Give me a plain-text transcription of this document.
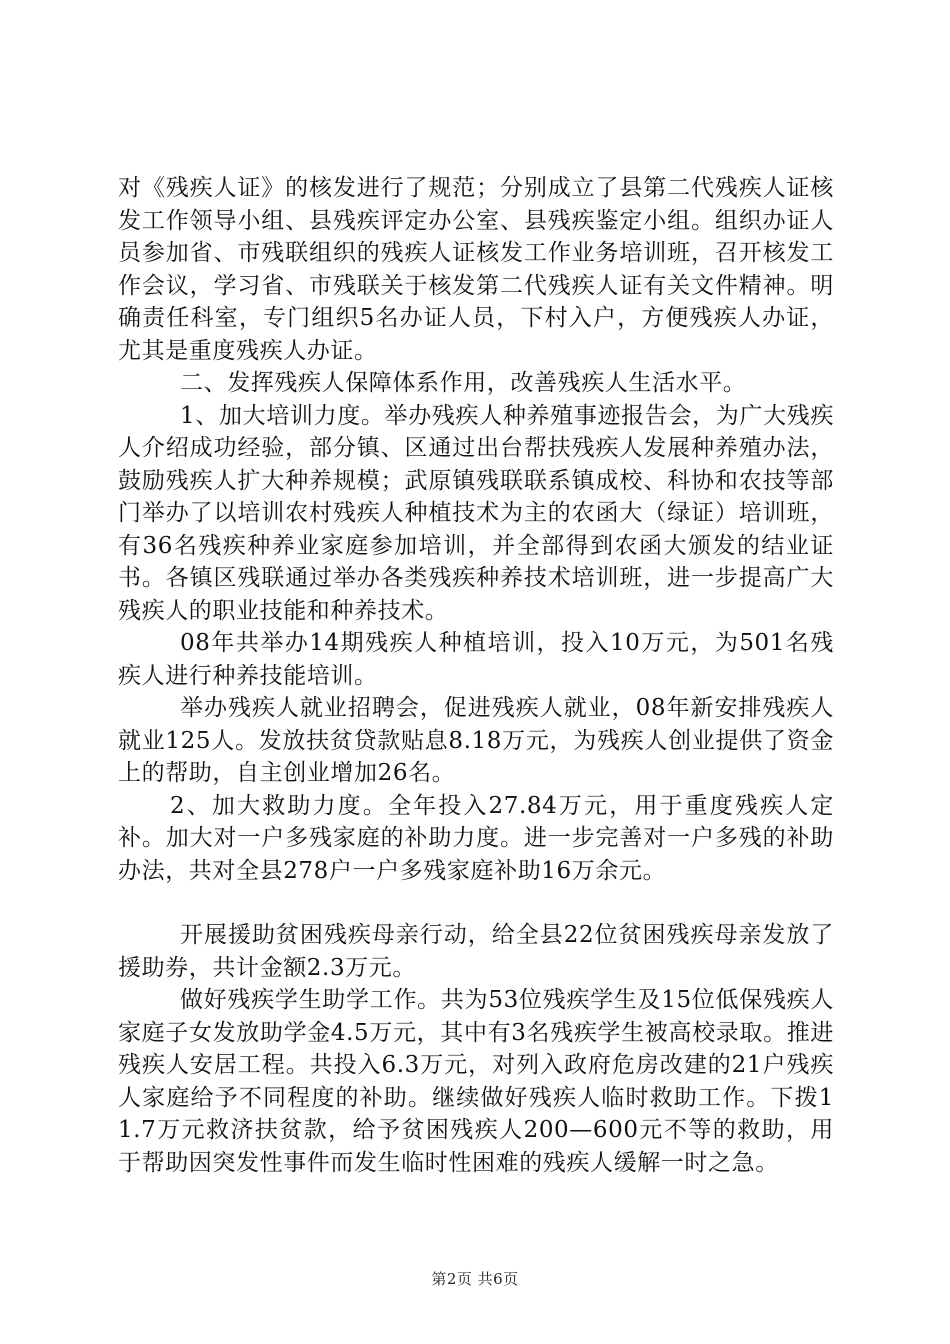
对《残疾人证》的核发进行了规范；分别成立了县第二代残疾人证核发工作领导小组、县残疾评定办公室、县残疾鉴定小组。组织办证人员参加省、市残联组织的残疾人证核发工作业务培训班，召开核发工作会议，学习省、市残联关于核发第二代残疾人证有关文件精神。明确责任科室，专门组织5名办证人员，下村入户，方便残疾人办证，尤其是重度残疾人办证。

二、发挥残疾人保障体系作用，改善残疾人生活水平。

1、加大培训力度。举办残疾人种养殖事迹报告会，为广大残疾人介绍成功经验，部分镇、区通过出台帮扶残疾人发展种养殖办法，鼓励残疾人扩大种养规模；武原镇残联联系镇成校、科协和农技等部门举办了以培训农村残疾人种植技术为主的农函大（绿证）培训班，有36名残疾种养业家庭参加培训，并全部得到农函大颁发的结业证书。各镇区残联通过举办各类残疾种养技术培训班，进一步提高广大残疾人的职业技能和种养技术。

08年共举办14期残疾人种植培训，投入10万元，为501名残疾人进行种养技能培训。

举办残疾人就业招聘会，促进残疾人就业，08年新安排残疾人就业125人。发放扶贫贷款贴息8.18万元，为残疾人创业提供了资金上的帮助，自主创业增加26名。

2、加大救助力度。全年投入27.84万元，用于重度残疾人定补。加大对一户多残家庭的补助力度。进一步完善对一户多残的补助办法，共对全县278户一户多残家庭补助16万余元。

开展援助贫困残疾母亲行动，给全县22位贫困残疾母亲发放了援助券，共计金额2.3万元。

做好残疾学生助学工作。共为53位残疾学生及15位低保残疾人家庭子女发放助学金4.5万元，其中有3名残疾学生被高校录取。推进残疾人安居工程。共投入6.3万元，对列入政府危房改建的21户残疾人家庭给予不同程度的补助。继续做好残疾人临时救助工作。下拨11.7万元救济扶贫款，给予贫困残疾人200—600元不等的救助，用于帮助因突发性事件而发生临时性困难的残疾人缓解一时之急。

第2页 共6页
